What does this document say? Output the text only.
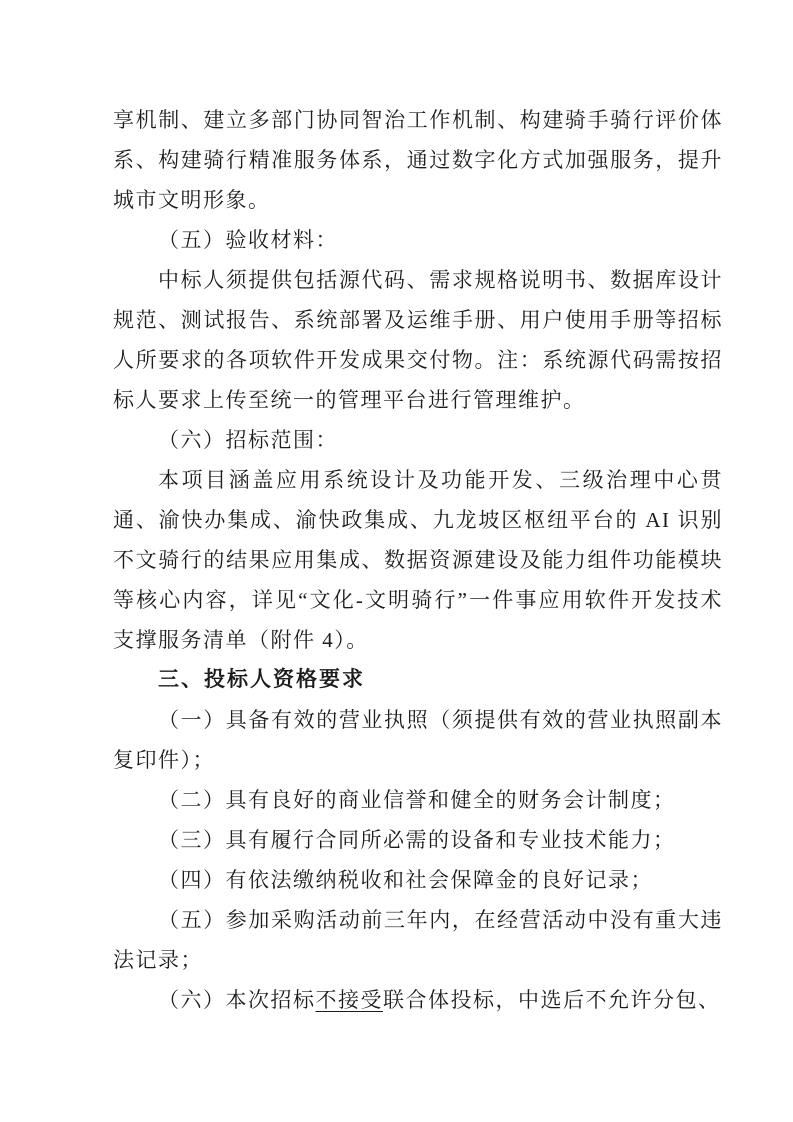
享机制、建立多部门协同智治工作机制、构建骑手骑行评价体系、构建骑行精准服务体系，通过数字化方式加强服务，提升城市文明形象。

（五）验收材料：

中标人须提供包括源代码、需求规格说明书、数据库设计规范、测试报告、系统部署及运维手册、用户使用手册等招标人所要求的各项软件开发成果交付物。注：系统源代码需按招标人要求上传至统一的管理平台进行管理维护。

（六）招标范围：

本项目涵盖应用系统设计及功能开发、三级治理中心贯通、渝快办集成、渝快政集成、九龙坡区枢纽平台的 AI 识别不文骑行的结果应用集成、数据资源建设及能力组件功能模块等核心内容，详见“文化-文明骑行”一件事应用软件开发技术支撑服务清单（附件 4）。

三、投标人资格要求

（一）具备有效的营业执照（须提供有效的营业执照副本复印件）；

（二）具有良好的商业信誉和健全的财务会计制度；

（三）具有履行合同所必需的设备和专业技术能力；

（四）有依法缴纳税收和社会保障金的良好记录；

（五）参加采购活动前三年内，在经营活动中没有重大违法记录；

（六）本次招标不接受联合体投标，中选后不允许分包、
